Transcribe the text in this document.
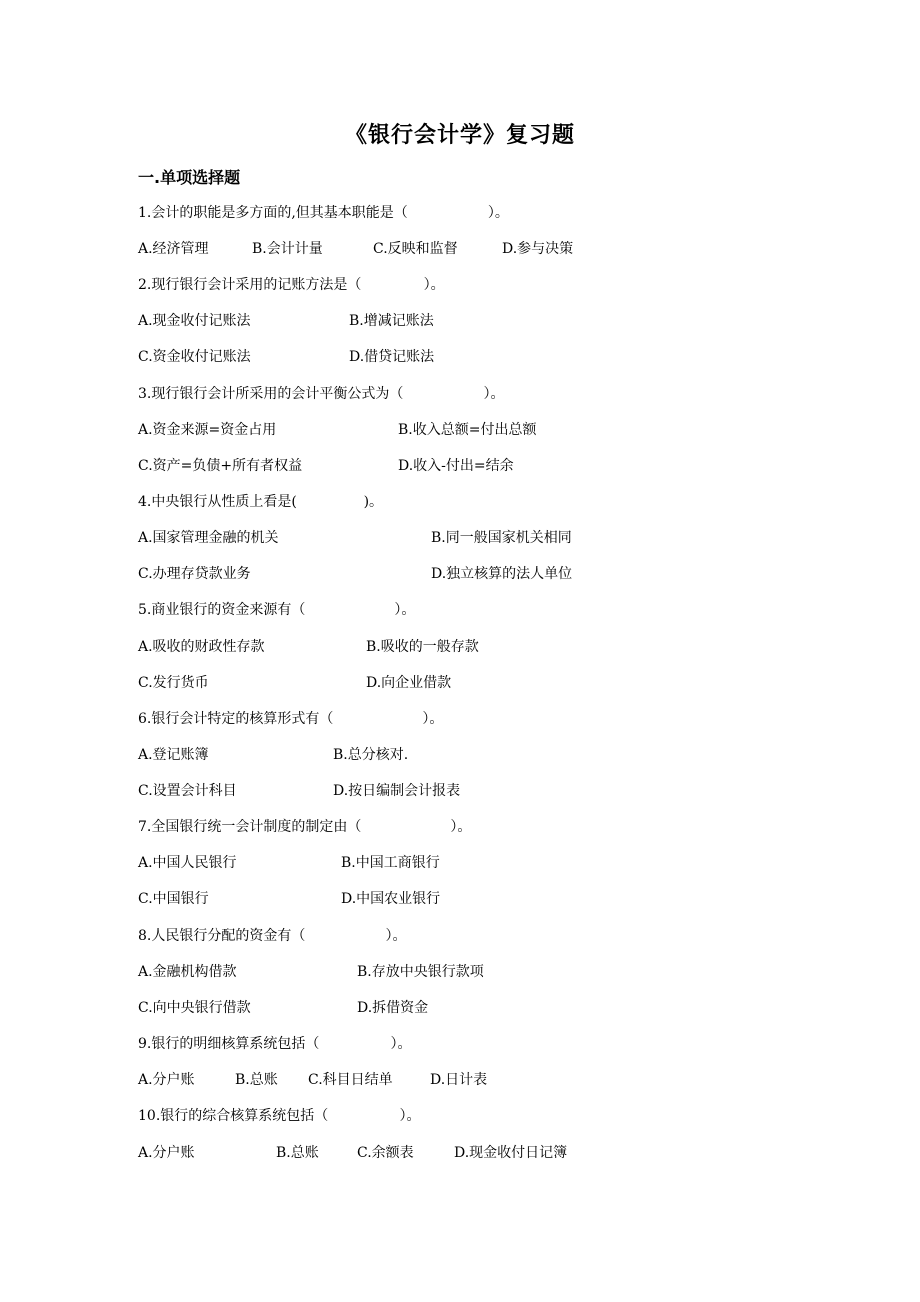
《银行会计学》复习题
一.单项选择题
1.会计的职能是多方面的,但其基本职能是（                  ）。
A.经济管理	B.会计计量	C.反映和监督	D.参与决策
2.现行银行会计采用的记账方法是（              ）。
A.现金收付记账法	B.增减记账法
C.资金收付记账法	D.借贷记账法
3.现行银行会计所采用的会计平衡公式为（                  ）。
A.资金来源=资金占用	B.收入总额=付出总额
C.资产=负债+所有者权益	D.收入-付出=结余
4.中央银行从性质上看是(               )。
A.国家管理金融的机关	B.同一般国家机关相同
C.办理存贷款业务	D.独立核算的法人单位
5.商业银行的资金来源有（                    ）。
A.吸收的财政性存款	B.吸收的一般存款
C.发行货币	D.向企业借款
6.银行会计特定的核算形式有（                    ）。
A.登记账簿	B.总分核对.
C.设置会计科目	D.按日编制会计报表
7.全国银行统一会计制度的制定由（                    ）。
A.中国人民银行	B.中国工商银行
C.中国银行	D.中国农业银行
8.人民银行分配的资金有（                  ）。
A.金融机构借款	B.存放中央银行款项
C.向中央银行借款	D.拆借资金
9.银行的明细核算系统包括（                ）。
A.分户账	B.总账 C.科目日结单	D.日计表
10.银行的综合核算系统包括（                ）。
A.分户账	B.总账	C.余额表	D.现金收付日记簿
